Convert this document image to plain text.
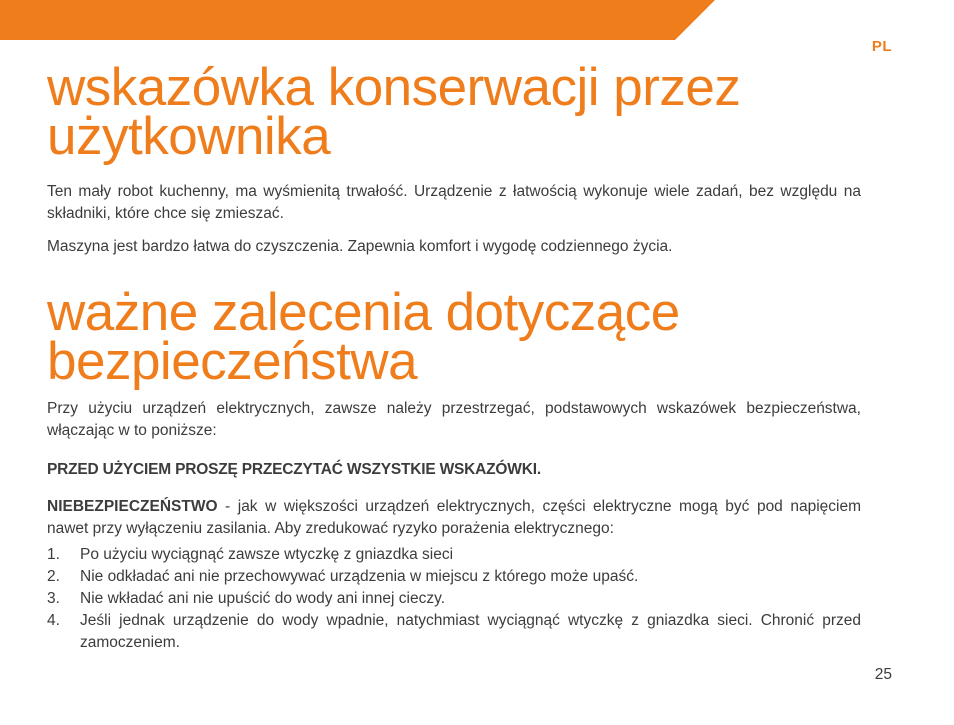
PL
wskazówka konserwacji przez
użytkownika

Ten mały robot kuchenny, ma wyśmienitą trwałość. Urządzenie z łatwością wykonuje wiele zadań, bez względu na składniki, które chce się zmieszać.

Maszyna jest bardzo łatwa do czyszczenia. Zapewnia komfort i wygodę codziennego życia.

ważne zalecenia dotyczące
bezpieczeństwa

Przy użyciu urządzeń elektrycznych, zawsze należy przestrzegać, podstawowych wskazówek bezpieczeństwa, włączając w to poniższe:

PRZED UŻYCIEM PROSZĘ PRZECZYTAĆ WSZYSTKIE WSKAZÓWKI.

NIEBEZPIECZEŃSTWO - jak w większości urządzeń elektrycznych, części elektryczne mogą być pod napięciem nawet przy wyłączeniu zasilania. Aby zredukować ryzyko porażenia elektrycznego:

1. Po użyciu wyciągnąć zawsze wtyczkę z gniazdka sieci
2. Nie odkładać ani nie przechowywać urządzenia w miejscu z którego może upaść.
3. Nie wkładać ani nie upuścić do wody ani innej cieczy.
4. Jeśli jednak urządzenie do wody wpadnie, natychmiast wyciągnąć wtyczkę z gniazdka sieci. Chronić przed zamoczeniem.
25
